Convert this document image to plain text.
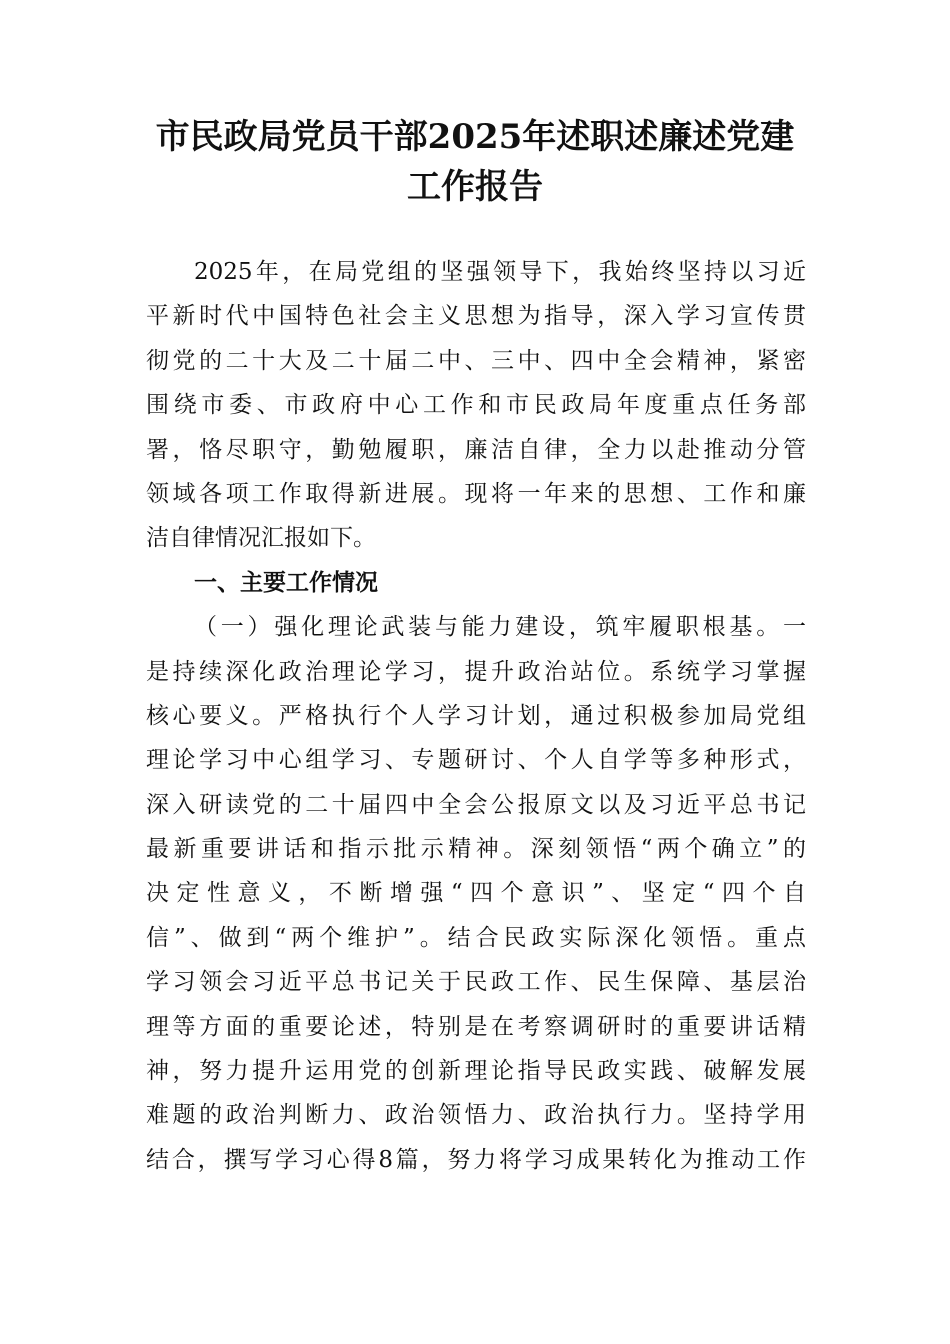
市民政局党员干部2025年述职述廉述党建
工作报告
2025年，在局党组的坚强领导下，我始终坚持以习近
平新时代中国特色社会主义思想为指导，深入学习宣传贯
彻党的二十大及二十届二中、三中、四中全会精神，紧密
围绕市委、市政府中心工作和市民政局年度重点任务部
署，恪尽职守，勤勉履职，廉洁自律，全力以赴推动分管
领域各项工作取得新进展。现将一年来的思想、工作和廉
洁自律情况汇报如下。
一、主要工作情况
（一）强化理论武装与能力建设，筑牢履职根基。一
是持续深化政治理论学习，提升政治站位。系统学习掌握
核心要义。严格执行个人学习计划，通过积极参加局党组
理论学习中心组学习、专题研讨、个人自学等多种形式，
深入研读党的二十届四中全会公报原文以及习近平总书记
最新重要讲话和指示批示精神。深刻领悟“两个确立”的
决定性意义，不断增强“四个意识”、坚定“四个自
信”、做到“两个维护”。结合民政实际深化领悟。重点
学习领会习近平总书记关于民政工作、民生保障、基层治
理等方面的重要论述，特别是在考察调研时的重要讲话精
神，努力提升运用党的创新理论指导民政实践、破解发展
难题的政治判断力、政治领悟力、政治执行力。坚持学用
结合，撰写学习心得8篇，努力将学习成果转化为推动工作
